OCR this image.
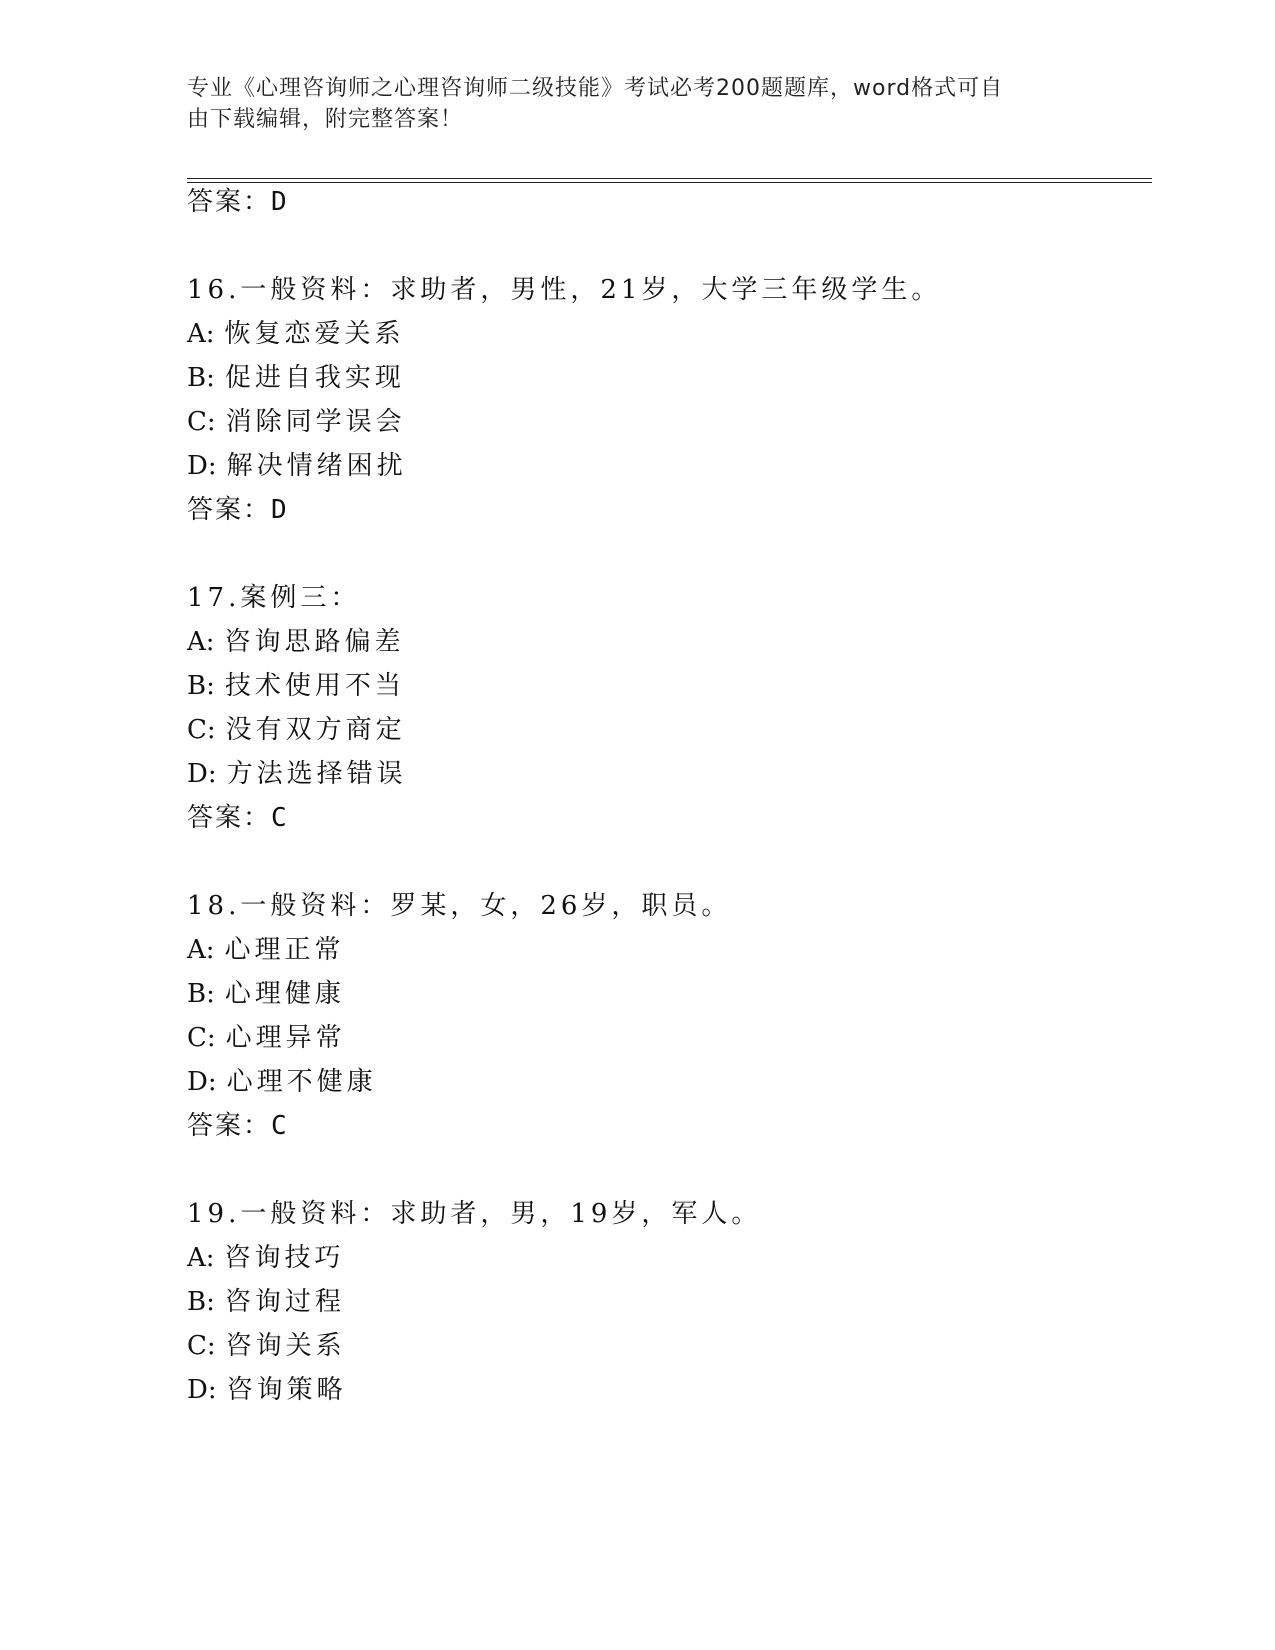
专业《心理咨询师之心理咨询师二级技能》考试必考200题题库，word格式可自
由下载编辑，附完整答案！
答案：D
16.一般资料：求助者，男性，21岁，大学三年级学生。
A: 恢复恋爱关系
B: 促进自我实现
C: 消除同学误会
D: 解决情绪困扰
答案：D
17.案例三：
A: 咨询思路偏差
B: 技术使用不当
C: 没有双方商定
D: 方法选择错误
答案：C
18.一般资料：罗某，女，26岁，职员。
A: 心理正常
B: 心理健康
C: 心理异常
D: 心理不健康
答案：C
19.一般资料：求助者，男，19岁，军人。
A: 咨询技巧
B: 咨询过程
C: 咨询关系
D: 咨询策略
